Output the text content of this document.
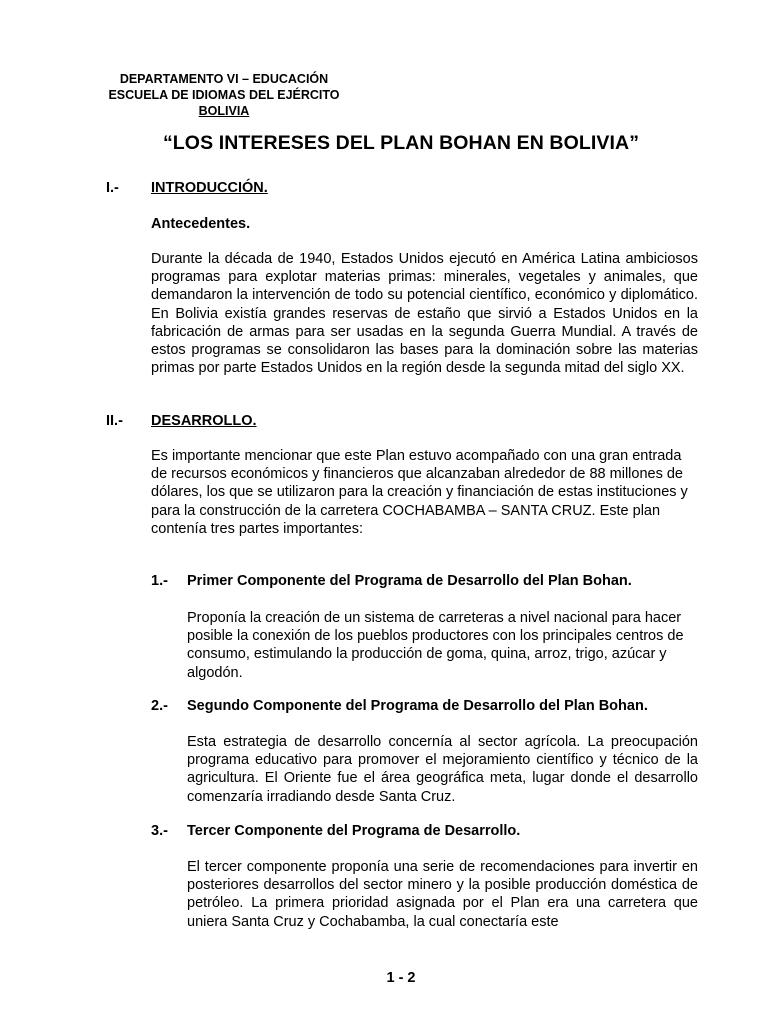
DEPARTAMENTO VI – EDUCACIÓN
ESCUELA DE IDIOMAS DEL EJÉRCITO
BOLIVIA
“LOS INTERESES DEL PLAN BOHAN EN BOLIVIA”
I.- INTRODUCCIÓN.
Antecedentes.
Durante la década de 1940, Estados Unidos ejecutó en América Latina ambiciosos programas para explotar materias primas: minerales, vegetales y animales, que demandaron la intervención de todo su potencial científico, económico y diplomático. En Bolivia existía grandes reservas de estaño que sirvió a Estados Unidos en la fabricación de armas para ser usadas en la segunda Guerra Mundial. A través de estos programas se consolidaron las bases para la dominación sobre las materias primas por parte Estados Unidos en la región desde la segunda mitad del siglo XX.
II.- DESARROLLO.
Es importante mencionar que este Plan estuvo acompañado con una gran entrada de recursos económicos y financieros que alcanzaban alrededor de 88 millones de dólares, los que se utilizaron para la creación y financiación de estas instituciones y para la construcción de la carretera COCHABAMBA – SANTA CRUZ. Este plan contenía tres partes importantes:
1.- Primer Componente del Programa de Desarrollo del Plan Bohan.
Proponía la creación de un sistema de carreteras a nivel nacional para hacer posible la conexión de los pueblos productores con los principales centros de consumo, estimulando la producción de goma, quina, arroz, trigo, azúcar y algodón.
2.- Segundo Componente del Programa de Desarrollo del Plan Bohan.
Esta estrategia de desarrollo concernía al sector agrícola. La preocupación programa educativo para promover el mejoramiento científico y técnico de la agricultura. El Oriente fue el área geográfica meta, lugar donde el desarrollo comenzaría irradiando desde Santa Cruz.
3.- Tercer Componente del Programa de Desarrollo.
El tercer componente proponía una serie de recomendaciones para invertir en posteriores desarrollos del sector minero y la posible producción doméstica de petróleo. La primera prioridad asignada por el Plan era una carretera que uniera Santa Cruz y Cochabamba, la cual conectaría este
1 - 2
